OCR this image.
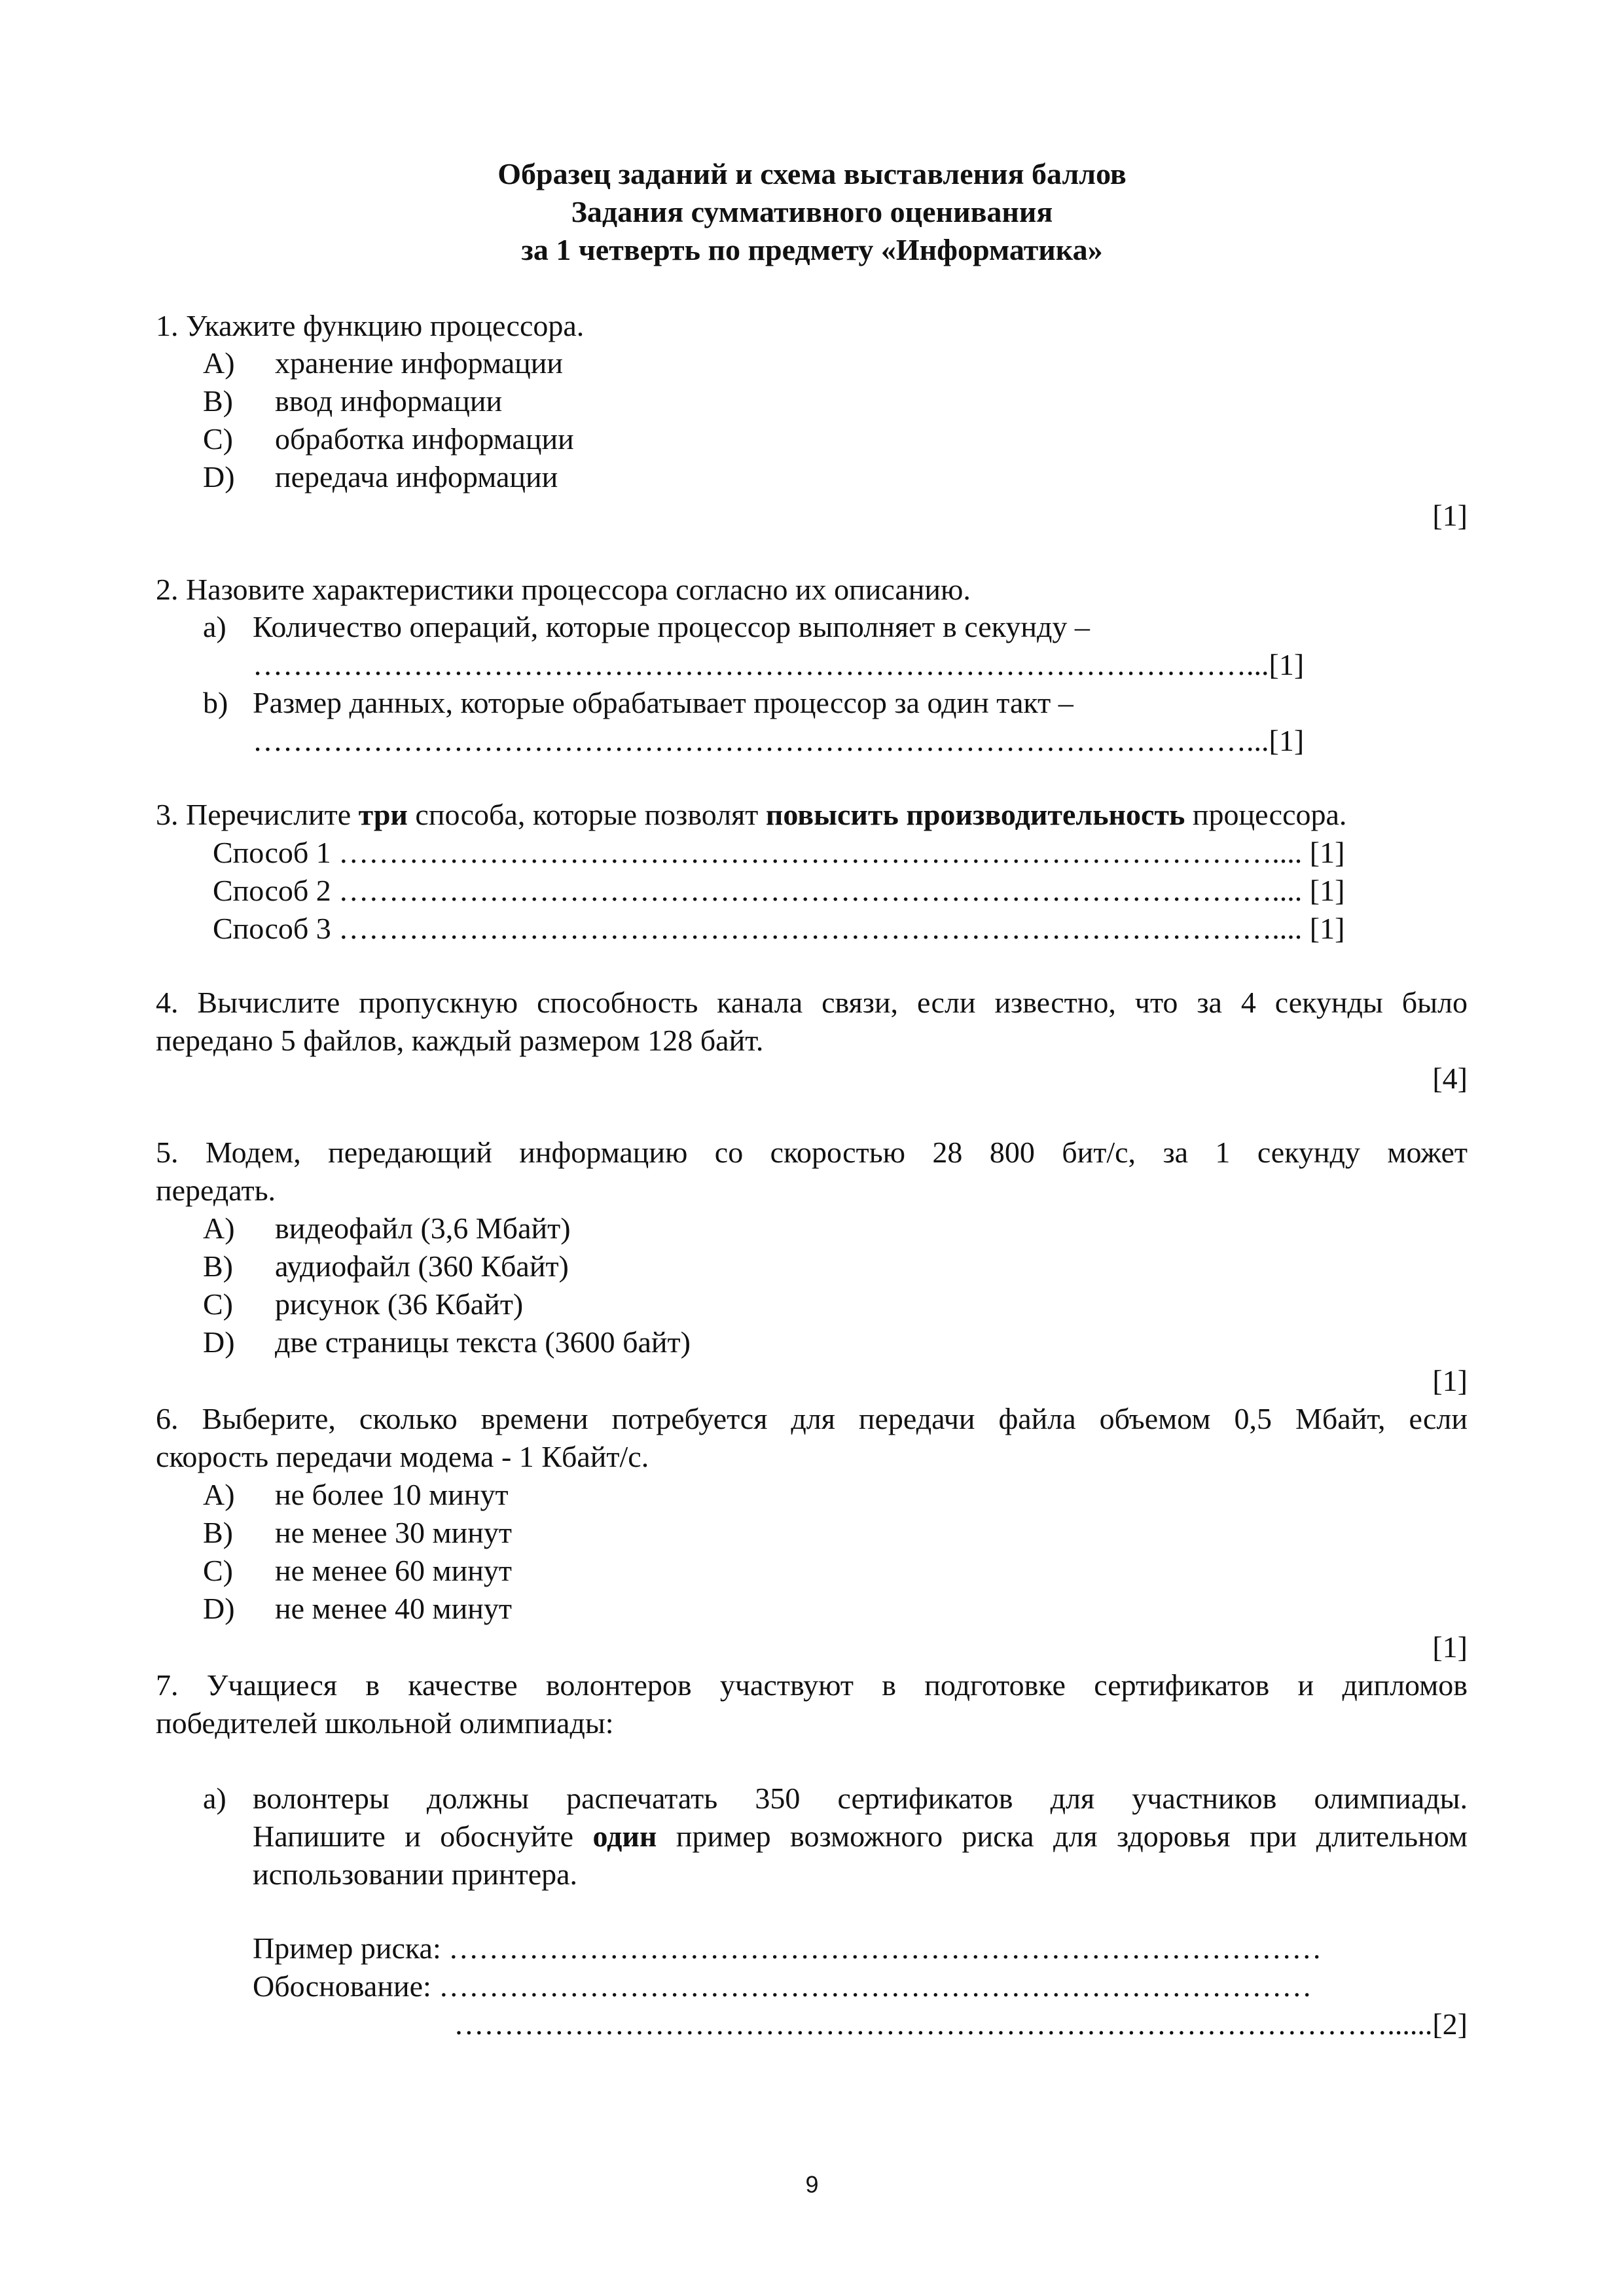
Образец заданий и схема выставления баллов
Задания суммативного оценивания
за 1 четверть по предмету «Информатика»
1. Укажите функцию процессора.
A)	хранение информации
B)	ввод информации
C)	обработка информации
D)	передача информации
[1]
2. Назовите характеристики процессора согласно их описанию.
a) Количество операций, которые процессор выполняет в секунду –
………………………………………………………………………………………...[1]
b) Размер данных, которые обрабатывает процессор за один такт –
………………………………………………………………………………………...[1]
3. Перечислите три способа, которые позволят повысить производительность процессора.
Способ 1 ………………………………………………………………………………….... [1]
Способ 2 ………………………………………………………………………………….... [1]
Способ 3 ………………………………………………………………………………….... [1]
4. Вычислите пропускную способность канала связи, если известно, что за 4 секунды было
передано 5 файлов, каждый размером 128 байт.
[4]
5. Модем, передающий информацию со скоростью 28 800 бит/с, за 1 секунду может
передать.
A)	видеофайл (3,6 Мбайт)
B)	аудиофайл (360 Кбайт)
C)	рисунок (36 Кбайт)
D)	две страницы текста (3600 байт)
[1]
6. Выберите, сколько времени потребуется для передачи файла объемом 0,5 Мбайт, если
скорость передачи модема - 1 Кбайт/с.
A)	не более 10 минут
B)	не менее 30 минут
C)	не менее 60 минут
D)	не менее 40 минут
[1]
7. Учащиеся в качестве волонтеров участвуют в подготовке сертификатов и дипломов
победителей школьной олимпиады:
a) волонтеры должны распечатать 350 сертификатов для участников олимпиады.
Напишите и обоснуйте один пример возможного риска для здоровья при длительном
использовании принтера.
Пример риска: ……………………………………………………………………………
Обоснование: ……………………………………………………………………………
…………………………………………………………………………………......[2]
9
